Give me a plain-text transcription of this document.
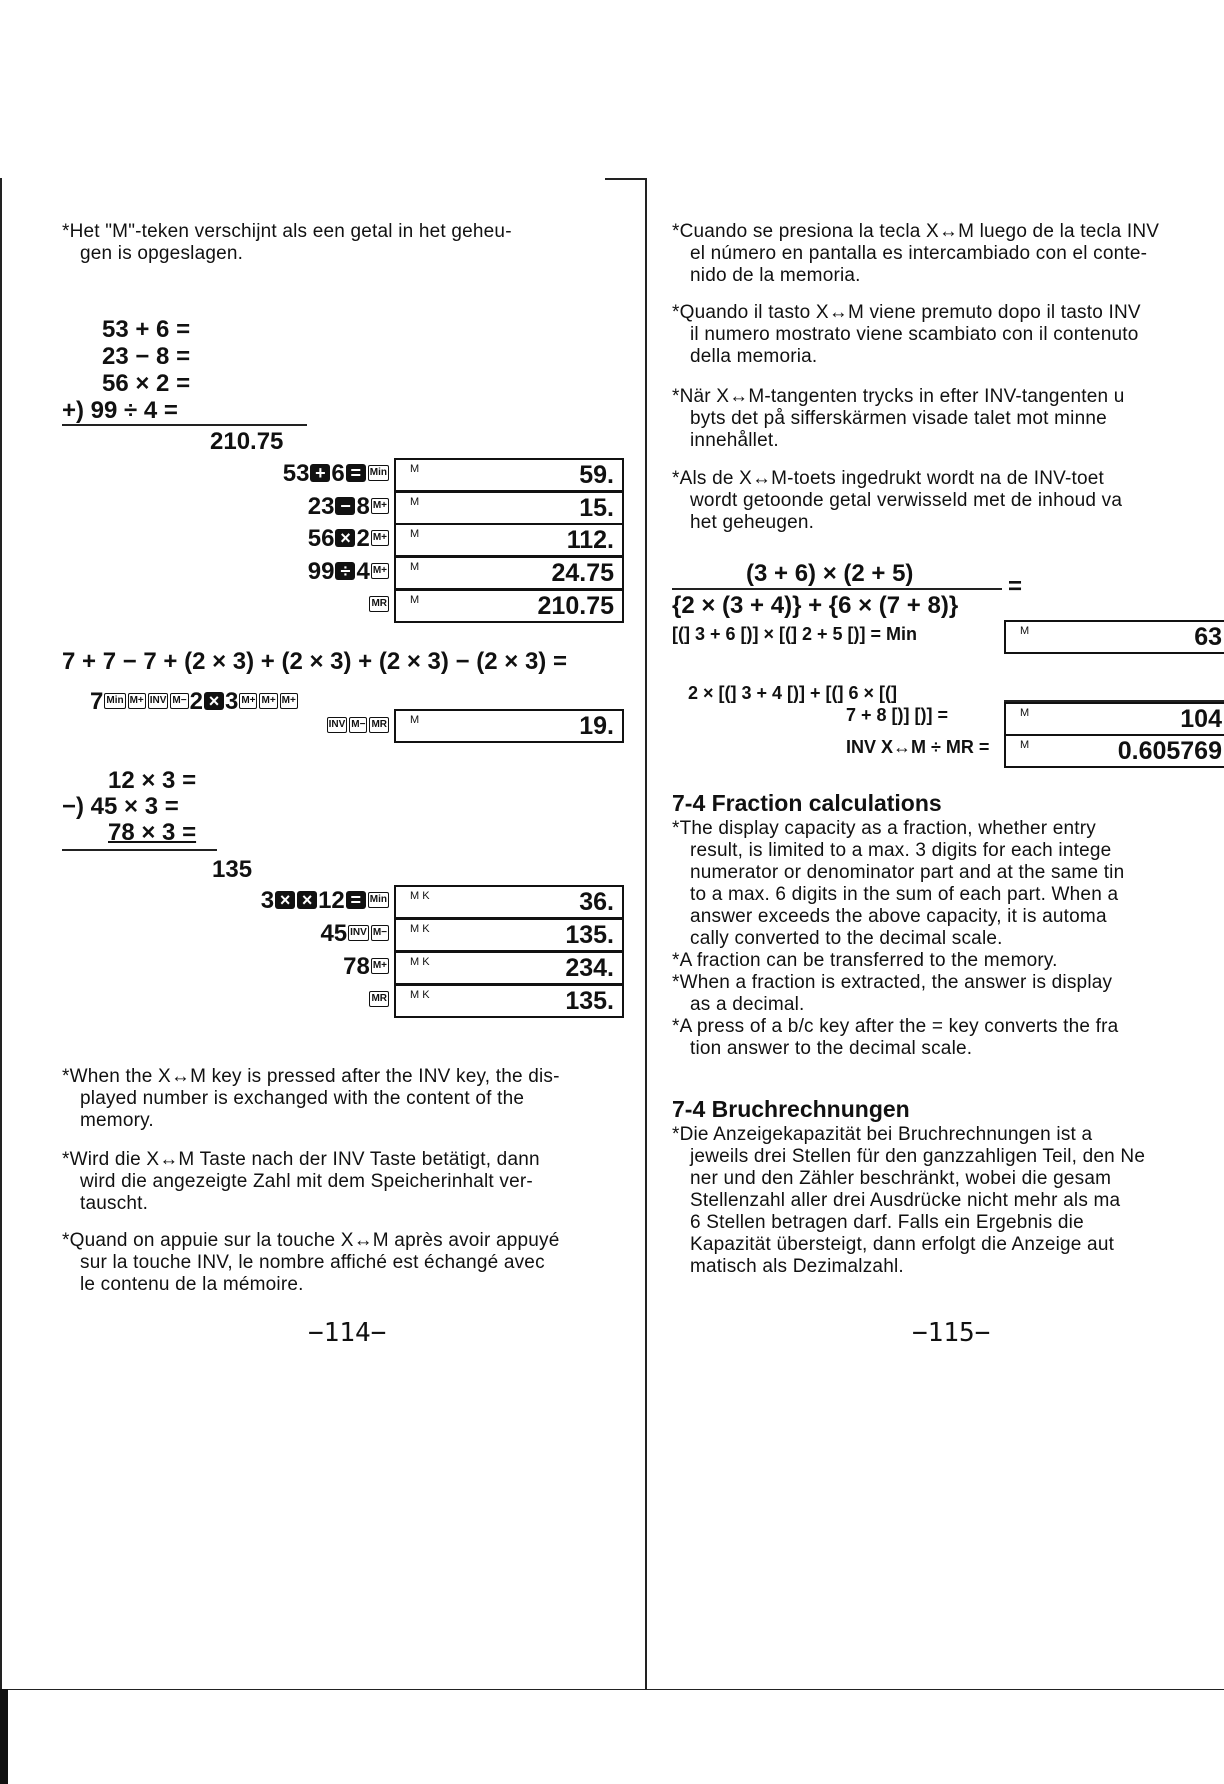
*Het "M"-teken verschijnt als een getal in het geheu-
gen is opgeslagen.
53 + 6 =
23 − 8 =
56 × 2 =
+) 99 ÷ 4 =
210.75
53 + 6 = Min M	59.
23 − 8 M+ M	15.
56 × 2 M+ M	112.
99 ÷ 4 M+ M	24.75
MR M	210.75
7 + 7 − 7 + (2 × 3) + (2 × 3) + (2 × 3) − (2 × 3) =
7 Min M+ INV M− 2 × 3 M+ M+ M+
INV M− MR M	19.
12 × 3 =
−) 45 × 3 =
78 × 3 =
135
3 × × 12 = Min M K	36.
45 INV M− M K	135.
78 M+ M K	234.
MR M K	135.
*When the X↔M key is pressed after the INV key, the dis-
played number is exchanged with the content of the
memory.
*Wird die X↔M Taste nach der INV Taste betätigt, dann
wird die angezeigte Zahl mit dem Speicherinhalt ver-
tauscht.
*Quand on appuie sur la touche X↔M après avoir appuyé
sur la touche INV, le nombre affiché est échangé avec
le contenu de la mémoire.
−114−
*Cuando se presiona la tecla X↔M luego de la tecla INV
el número en pantalla es intercambiado con el conte-
nido de la memoria.
*Quando il tasto X↔M viene premuto dopo il tasto INV
il numero mostrato viene scambiato con il contenuto
della memoria.
*När X↔M-tangenten trycks in efter INV-tangenten u
byts det på sifferskärmen visade talet mot minne
innehållet.
*Als de X↔M-toets ingedrukt wordt na de INV-toet
wordt getoonde getal verwisseld met de inhoud va
het geheugen.
(3 + 6) × (2 + 5)
{2 × (3 + 4)} + {6 × (7 + 8)}
=
[(] 3 + 6 [)] × [(] 2 + 5 [)] = Min	M	63
2 × [(] 3 + 4 [)] + [(] 6 × [(]
7 + 8 [)] [)] =	M	104
INV X↔M ÷ MR =	M	0.605769
7-4 Fraction calculations
*The display capacity as a fraction, whether entry
result, is limited to a max. 3 digits for each intege
numerator or denominator part and at the same tin
to a max. 6 digits in the sum of each part. When a
answer exceeds the above capacity, it is automa
cally converted to the decimal scale.
*A fraction can be transferred to the memory.
*When a fraction is extracted, the answer is display
as a decimal.
*A press of a b/c key after the = key converts the fra
tion answer to the decimal scale.
7-4 Bruchrechnungen
*Die Anzeigekapazität bei Bruchrechnungen ist a
jeweils drei Stellen für den ganzzahligen Teil, den Ne
ner und den Zähler beschränkt, wobei die gesam
Stellenzahl aller drei Ausdrücke nicht mehr als ma
6 Stellen betragen darf. Falls ein Ergebnis die
Kapazität übersteigt, dann erfolgt die Anzeige aut
matisch als Dezimalzahl.
−115−
